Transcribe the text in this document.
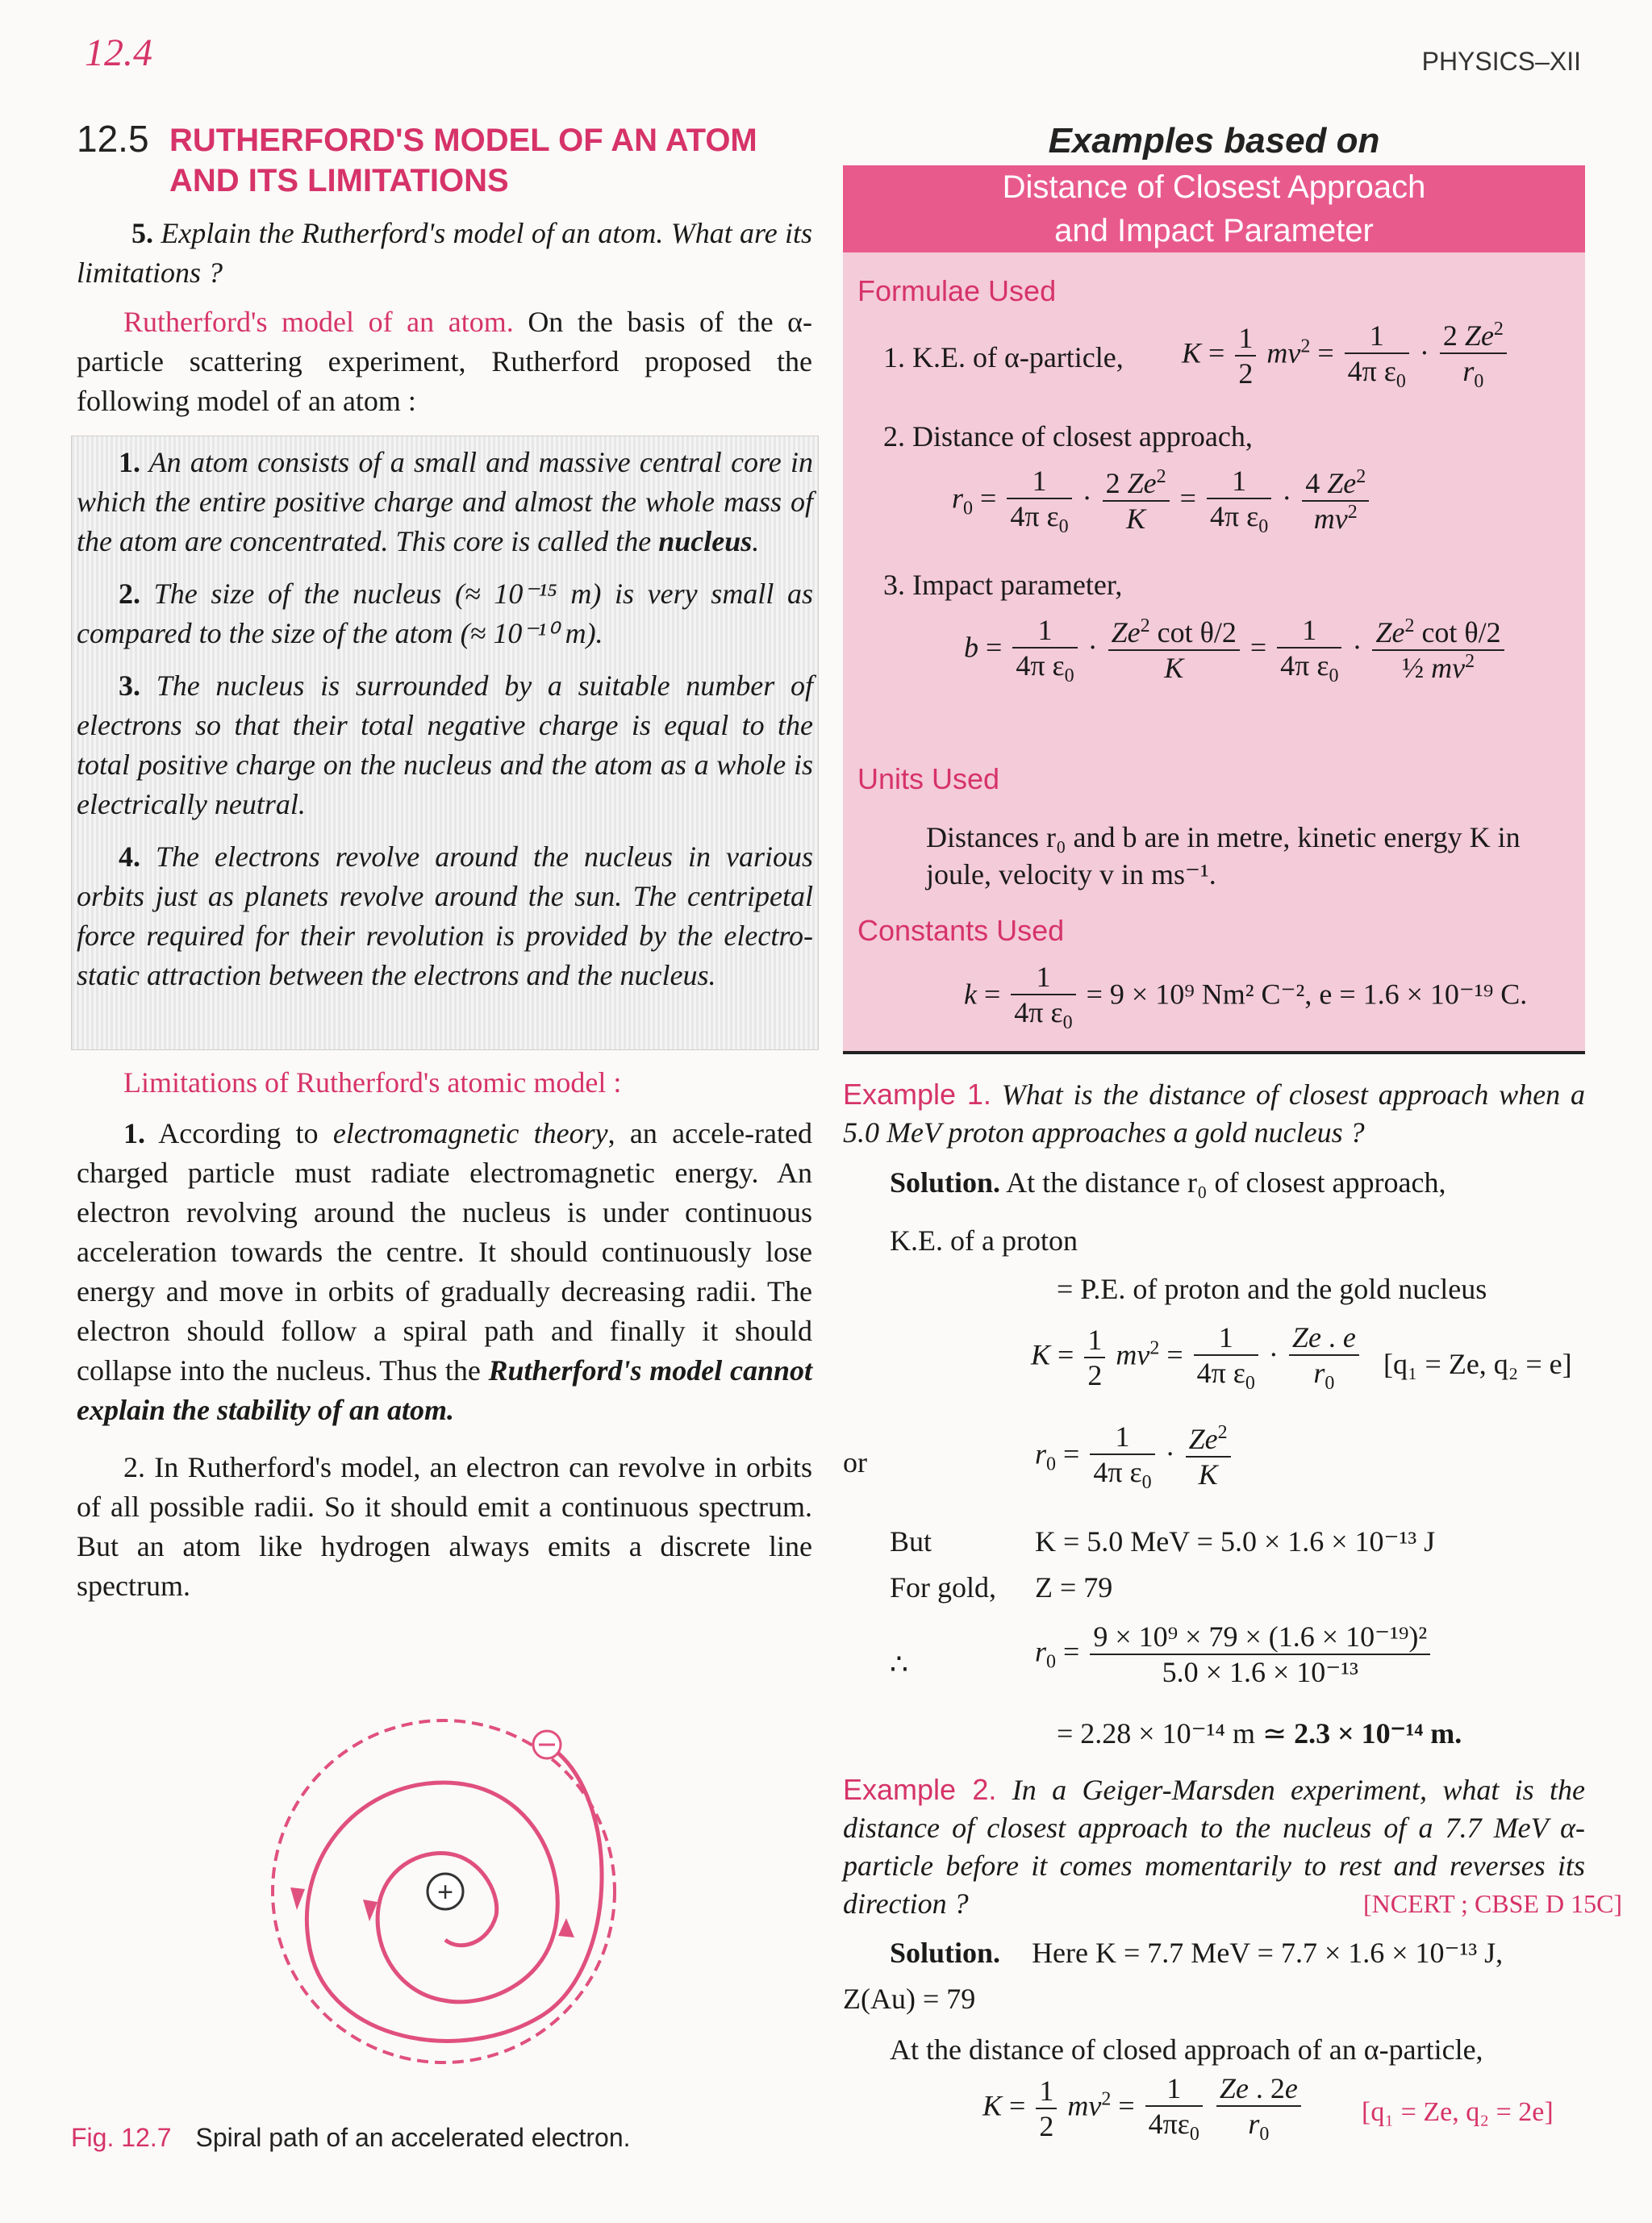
12.4	PHYSICS–XII
12.5 RUTHERFORD'S MODEL OF AN ATOM
AND ITS LIMITATIONS

5. Explain the Rutherford's model of an atom. What are its limitations ?

Rutherford's model of an atom. On the basis of the α-particle scattering experiment, Rutherford proposed the following model of an atom :

1. An atom consists of a small and massive central core in which the entire positive charge and almost the whole mass of the atom are concentrated. This core is called the nucleus.

2. The size of the nucleus (≈ 10⁻¹⁵ m) is very small as compared to the size of the atom (≈ 10⁻¹⁰ m).

3. The nucleus is surrounded by a suitable number of electrons so that their total negative charge is equal to the total positive charge on the nucleus and the atom as a whole is electrically neutral.

4. The electrons revolve around the nucleus in various orbits just as planets revolve around the sun. The centripetal force required for their revolution is provided by the electro-static attraction between the electrons and the nucleus.

Limitations of Rutherford's atomic model :

1. According to electromagnetic theory, an accele-rated charged particle must radiate electromagnetic energy. An electron revolving around the nucleus is under continuous acceleration towards the centre. It should continuously lose energy and move in orbits of gradually decreasing radii. The electron should follow a spiral path and finally it should collapse into the nucleus. Thus the Rutherford's model cannot explain the stability of an atom.

2. In Rutherford's model, an electron can revolve in orbits of all possible radii. So it should emit a continuous spectrum. But an atom like hydrogen always emits a discrete line spectrum.

+
Fig. 12.7 Spiral path of an accelerated electron.
Examples based on
Distance of Closest Approach
and Impact Parameter
Formulae Used
1. K.E. of α-particle, $K = \frac{1}{2} mv^2 = \frac{1}{4\pi \varepsilon_0} \cdot \frac{2 Ze^2}{r_0}$
2. Distance of closest approach,
$r_0 = \frac{1}{4\pi \varepsilon_0} \cdot \frac{2 Ze^2}{K} = \frac{1}{4\pi \varepsilon_0} \cdot \frac{4 Ze^2}{mv^2}$
3. Impact parameter,
$b = \frac{1}{4\pi \varepsilon_0} \cdot \frac{Ze^2 \cot \theta/2}{K} = \frac{1}{4\pi \varepsilon_0} \cdot \frac{Ze^2 \cot \theta/2}{\frac{1}{2} mv^2}$
Units Used
Distances r₀ and b are in metre, kinetic energy K in joule, velocity v in ms⁻¹.
Constants Used
$k = \frac{1}{4\pi \varepsilon_0} = 9 \times 10^9$ Nm² C⁻², e = 1.6 × 10⁻¹⁹ C.
Example 1. What is the distance of closest approach when a 5.0 MeV proton approaches a gold nucleus ?
Solution. At the distance r₀ of closest approach,
K.E. of a proton
= P.E. of proton and the gold nucleus
$K = \frac{1}{2} mv^2 = \frac{1}{4\pi \varepsilon_0} \cdot \frac{Ze . e}{r_0} [q_1 = Ze$, q₂ = e]
or	$r_0 = \frac{1}{4\pi \varepsilon_0} \cdot \frac{Ze^2}{K}$
But	K = 5.0 MeV = 5.0 × 1.6 × 10⁻¹³ J
For gold, Z = 79
∴	$r_0 = \frac{\text{9 × 10⁹ × 79 × (1.6 × 10⁻¹⁹)²}}{\text{5.0 × 1.6 × 10⁻¹³}}$
= 2.28 × 10⁻¹⁴ m ≃ 2.3 × 10⁻¹⁴ m.
Example 2. In a Geiger-Marsden experiment, what is the distance of closest approach to the nucleus of a 7.7 MeV α-particle before it comes momentarily to rest and reverses its direction ?	[NCERT ; CBSE D 15C]
Solution. Here K = 7.7 MeV = 7.7 × 1.6 × 10⁻¹³ J,
Z(Au) = 79
At the distance of closed approach of an α-particle,
$K = \frac{1}{2} mv^2 = \frac{1}{4\pi\varepsilon_0}$
$\frac{Ze . 2e}{r_0} [q_1 = Ze$, q₂ = 2e]
